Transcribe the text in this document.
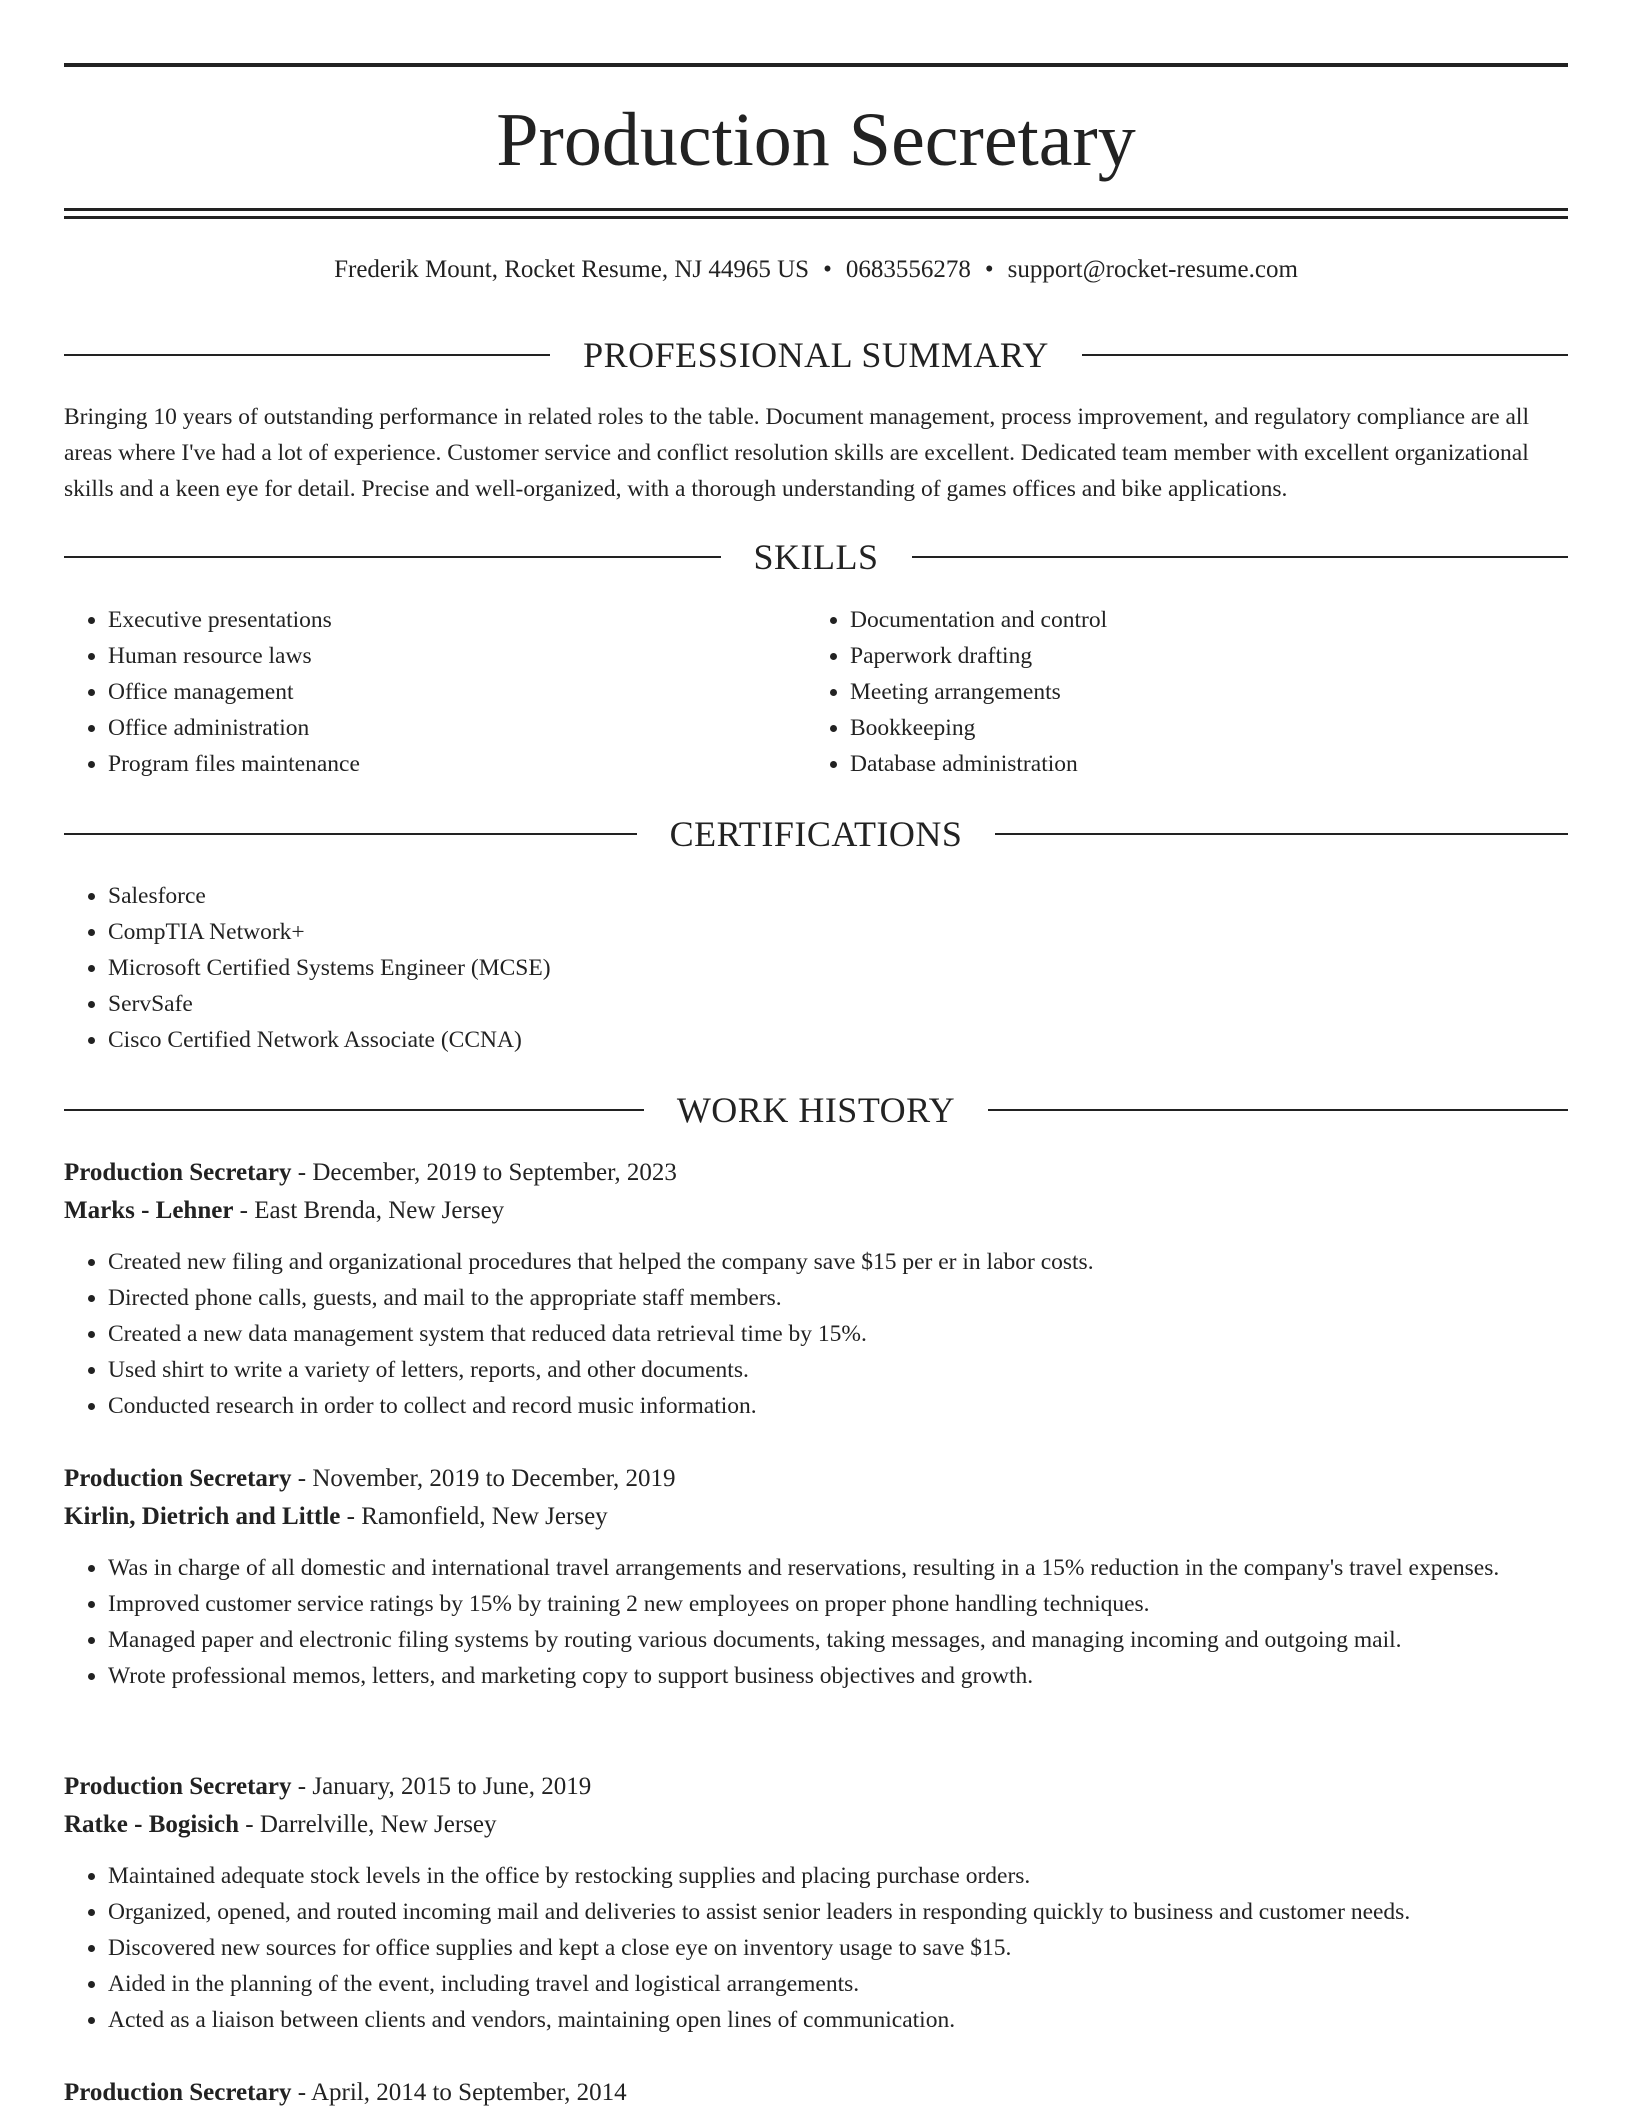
Production Secretary
Frederik Mount, Rocket Resume, NJ 44965 US • 0683556278 • support@rocket-resume.com
PROFESSIONAL SUMMARY

Bringing 10 years of outstanding performance in related roles to the table. Document management, process improvement, and regulatory compliance are all areas where I've had a lot of experience. Customer service and conflict resolution skills are excellent. Dedicated team member with excellent organizational skills and a keen eye for detail. Precise and well-organized, with a thorough understanding of games offices and bike applications.

SKILLS
• Executive presentations
• Human resource laws
• Office management
• Office administration
• Program files maintenance
• Documentation and control
• Paperwork drafting
• Meeting arrangements
• Bookkeeping
• Database administration
CERTIFICATIONS
• Salesforce
• CompTIA Network+
• Microsoft Certified Systems Engineer (MCSE)
• ServSafe
• Cisco Certified Network Associate (CCNA)
WORK HISTORY
Production Secretary - December, 2019 to September, 2023
Marks - Lehner - East Brenda, New Jersey
• Created new filing and organizational procedures that helped the company save $15 per er in labor costs.
• Directed phone calls, guests, and mail to the appropriate staff members.
• Created a new data management system that reduced data retrieval time by 15%.
• Used shirt to write a variety of letters, reports, and other documents.
• Conducted research in order to collect and record music information.
Production Secretary - November, 2019 to December, 2019
Kirlin, Dietrich and Little - Ramonfield, New Jersey
• Was in charge of all domestic and international travel arrangements and reservations, resulting in a 15% reduction in the company's travel expenses.
• Improved customer service ratings by 15% by training 2 new employees on proper phone handling techniques.
• Managed paper and electronic filing systems by routing various documents, taking messages, and managing incoming and outgoing mail.
• Wrote professional memos, letters, and marketing copy to support business objectives and growth.
Production Secretary - January, 2015 to June, 2019
Ratke - Bogisich - Darrelville, New Jersey
• Maintained adequate stock levels in the office by restocking supplies and placing purchase orders.
• Organized, opened, and routed incoming mail and deliveries to assist senior leaders in responding quickly to business and customer needs.
• Discovered new sources for office supplies and kept a close eye on inventory usage to save $15.
• Aided in the planning of the event, including travel and logistical arrangements.
• Acted as a liaison between clients and vendors, maintaining open lines of communication.
Production Secretary - April, 2014 to September, 2014
